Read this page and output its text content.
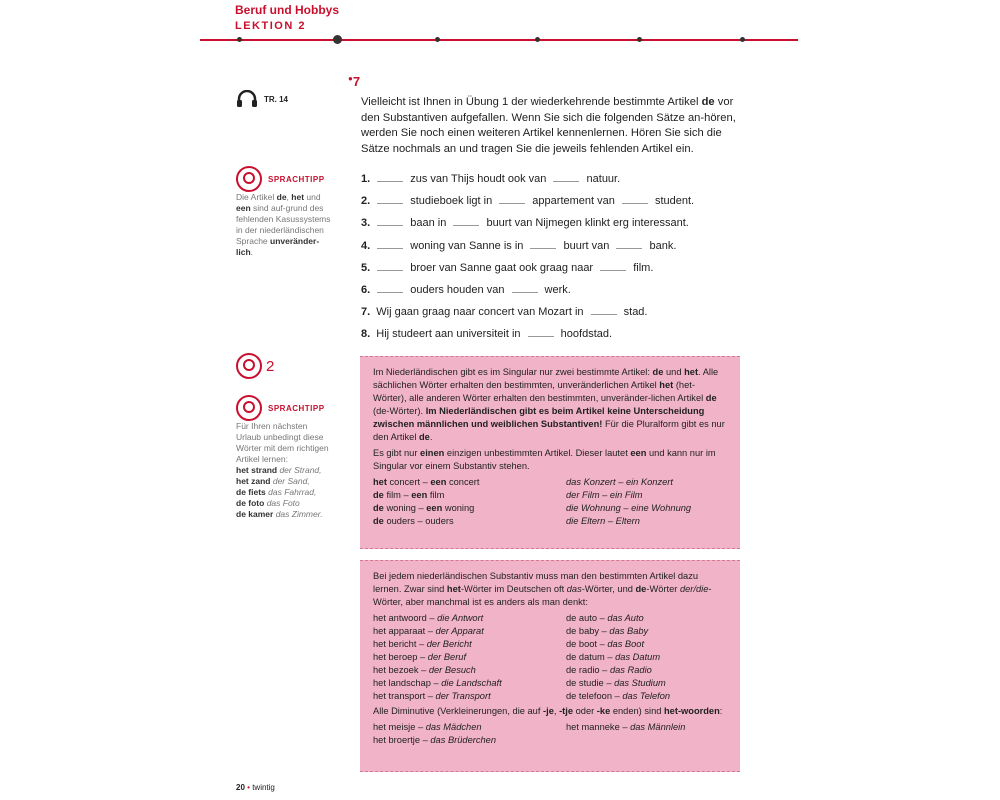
Beruf und Hobbys
LEKTION 2
TR. 14
SPRACHTIPP
Die Artikel de, het und een sind auf-grund des fehlenden Kasussystems in der niederländischen Sprache unveränder-lich.
2
SPRACHTIPP
Für Ihren nächsten Urlaub unbedingt diese Wörter mit dem richtigen Artikel lernen:
het strand der Strand,
het zand der Sand,
de fiets das Fahrrad,
de foto das Foto
de kamer das Zimmer.
●7
Vielleicht ist Ihnen in Übung 1 der wiederkehrende bestimmte Artikel de vor den Substantiven aufgefallen. Wenn Sie sich die folgenden Sätze an-hören, werden Sie noch einen weiteren Artikel kennenlernen. Hören Sie sich die Sätze nochmals an und tragen Sie die jeweils fehlenden Artikel ein.
1.	zus van Thijs houdt ook van	natuur.
2.	studieboek ligt in	appartement van	student.
3.	baan in	buurt van Nijmegen klinkt erg interessant.
4.	woning van Sanne is in	buurt van	bank.
5.	broer van Sanne gaat ook graag naar	film.
6.	ouders houden van	werk.
7. Wij gaan graag naar concert van Mozart in	stad.
8. Hij studeert aan universiteit in	hoofdstad.
Im Niederländischen gibt es im Singular nur zwei bestimmte Artikel: de und het. Alle sächlichen Wörter erhalten den bestimmten, unveränderlichen Artikel het (het-Wörter), alle anderen Wörter erhalten den bestimmten, unveränder-lichen Artikel de (de-Wörter). Im Niederländischen gibt es beim Artikel keine Unterscheidung zwischen männlichen und weiblichen Substantiven! Für die Pluralform gibt es nur den Artikel de.
Es gibt nur einen einzigen unbestimmten Artikel. Dieser lautet een und kann nur im Singular vor einem Substantiv stehen.
het concert – een concert	das Konzert – ein Konzert
de film – een film	der Film – ein Film
de woning – een woning	die Wohnung – eine Wohnung
de ouders – ouders	die Eltern – Eltern
Bei jedem niederländischen Substantiv muss man den bestimmten Artikel dazu lernen. Zwar sind het-Wörter im Deutschen oft das-Wörter, und de-Wörter der/die-Wörter, aber manchmal ist es anders als man denkt:
het antwoord – die Antwort	de auto – das Auto
het apparaat – der Apparat	de baby – das Baby
het bericht – der Bericht	de boot – das Boot
het beroep – der Beruf	de datum – das Datum
het bezoek – der Besuch	de radio – das Radio
het landschap – die Landschaft	de studie – das Studium
het transport – der Transport	de telefoon – das Telefon
Alle Diminutive (Verkleinerungen, die auf -je, -tje oder -ke enden) sind het-woorden:
het meisje – das Mädchen	het manneke – das Männlein
het broertje – das Brüderchen
20 • twintig
